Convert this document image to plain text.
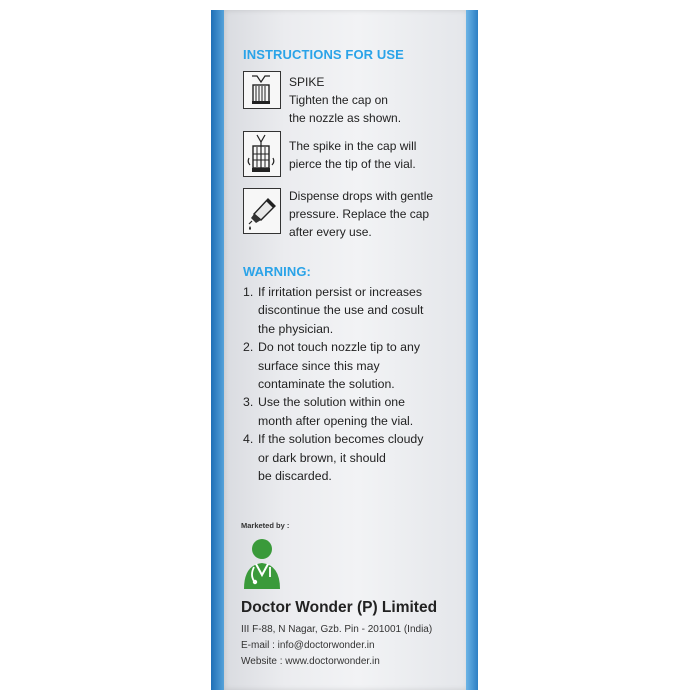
INSTRUCTIONS FOR USE
SPIKE
Tighten the cap on
the nozzle as shown.
The spike in the cap will
pierce the tip of the vial.
Dispense drops with gentle
pressure. Replace the cap
after every use.
WARNING:
1. If irritation persist or increases
discontinue the use and cosult
the physician.
2. Do not touch nozzle tip to any
surface since this may
contaminate the solution.
3. Use the solution within one
month after opening the vial.
4. If the solution becomes cloudy
or dark brown, it should
be discarded.
Marketed by :
Doctor Wonder (P) Limited
III F-88, N Nagar, Gzb. Pin - 201001 (India)
E-mail : info@doctorwonder.in
Website : www.doctorwonder.in
